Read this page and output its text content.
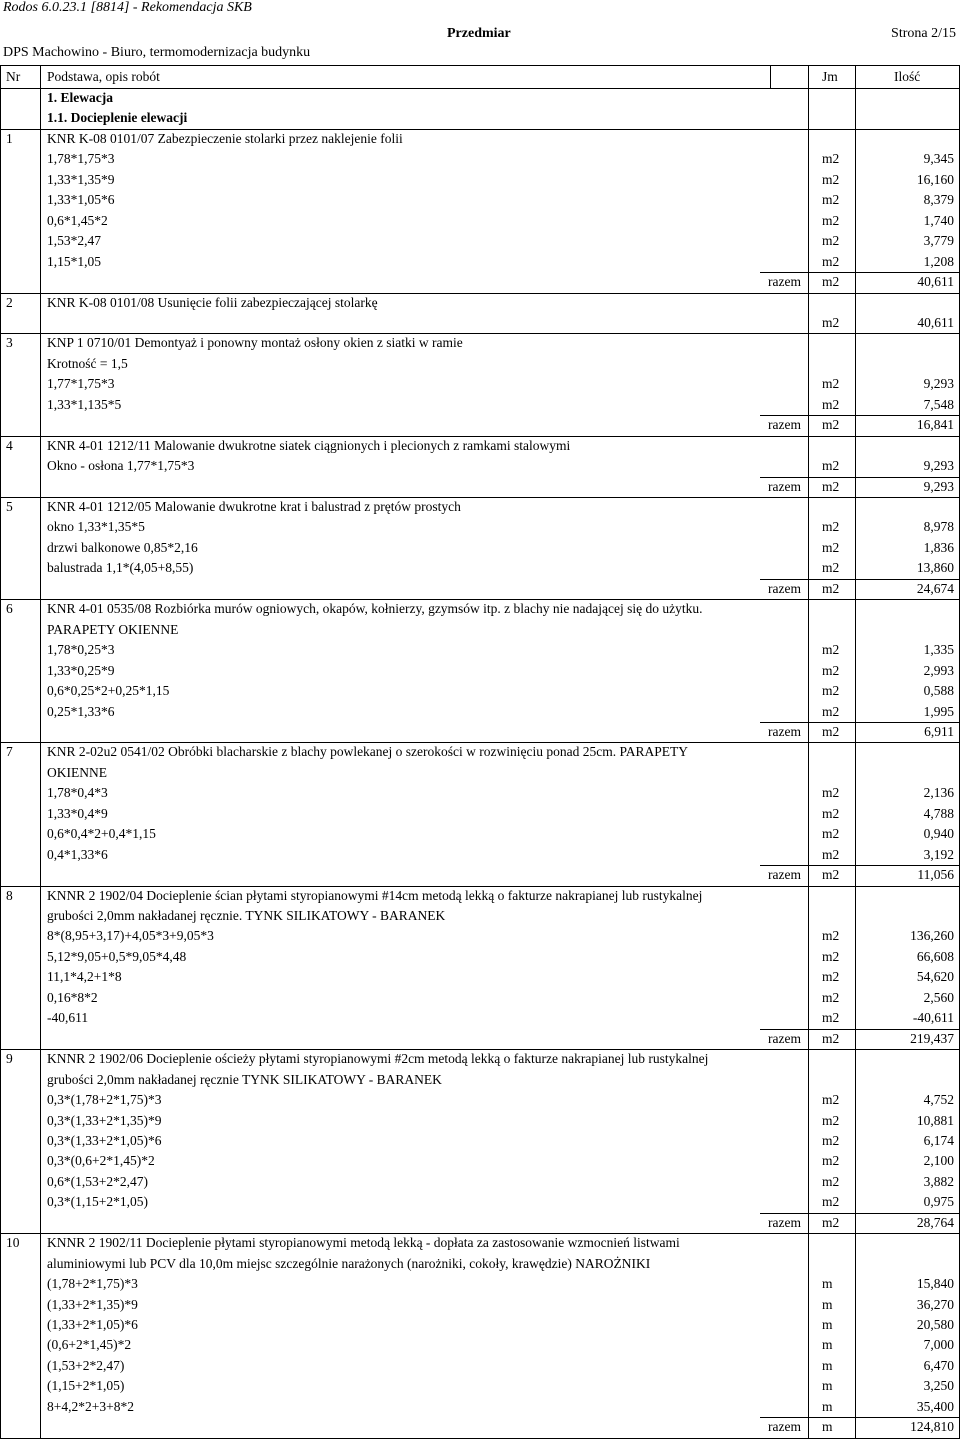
Rodos 6.0.23.1 [8814] - Rekomendacja SKB
Przedmiar	Strona 2/15
DPS Machowino - Biuro, termomodernizacja budynku
Nr Podstawa, opis robót	Jm	Ilość
1. Elewacja
1.1. Docieplenie elewacji
1	KNR K-08 0101/07 Zabezpieczenie stolarki przez naklejenie folii
1,78*1,75*3	m2	9,345
1,33*1,35*9	m2	16,160
1,33*1,05*6	m2	8,379
0,6*1,45*2	m2	1,740
1,53*2,47	m2	3,779
1,15*1,05	m2	1,208
razem m2	40,611
2	KNR K-08 0101/08 Usunięcie folii zabezpieczającej stolarkę
m2	40,611
3	KNP 1 0710/01 Demontyaż i ponowny montaż osłony okien z siatki w ramie
Krotność = 1,5
1,77*1,75*3	m2	9,293
1,33*1,135*5	m2	7,548
razem m2	16,841
4	KNR 4-01 1212/11 Malowanie dwukrotne siatek ciągnionych i plecionych z ramkami stalowymi
Okno - osłona 1,77*1,75*3	m2	9,293
razem m2	9,293
5	KNR 4-01 1212/05 Malowanie dwukrotne krat i balustrad z prętów prostych
okno 1,33*1,35*5	m2	8,978
drzwi balkonowe 0,85*2,16	m2	1,836
balustrada 1,1*(4,05+8,55)	m2	13,860
razem m2	24,674
6	KNR 4-01 0535/08 Rozbiórka murów ogniowych, okapów, kołnierzy, gzymsów itp. z blachy nie nadającej się do użytku.
PARAPETY OKIENNE
1,78*0,25*3	m2	1,335
1,33*0,25*9	m2	2,993
0,6*0,25*2+0,25*1,15	m2	0,588
0,25*1,33*6	m2	1,995
razem m2	6,911
7	KNR 2-02u2 0541/02 Obróbki blacharskie z blachy powlekanej o szerokości w rozwinięciu ponad 25cm. PARAPETY
OKIENNE
1,78*0,4*3	m2	2,136
1,33*0,4*9	m2	4,788
0,6*0,4*2+0,4*1,15	m2	0,940
0,4*1,33*6	m2	3,192
razem m2	11,056
8	KNNR 2 1902/04 Docieplenie ścian płytami styropianowymi #14cm metodą lekką o fakturze nakrapianej lub rustykalnej
grubości 2,0mm nakładanej ręcznie. TYNK SILIKATOWY - BARANEK
8*(8,95+3,17)+4,05*3+9,05*3	m2	136,260
5,12*9,05+0,5*9,05*4,48	m2	66,608
11,1*4,2+1*8	m2	54,620
0,16*8*2	m2	2,560
-40,611	m2	-40,611
razem m2	219,437
9	KNNR 2 1902/06 Docieplenie ościeży płytami styropianowymi #2cm metodą lekką o fakturze nakrapianej lub rustykalnej
grubości 2,0mm nakładanej ręcznie TYNK SILIKATOWY - BARANEK
0,3*(1,78+2*1,75)*3	m2	4,752
0,3*(1,33+2*1,35)*9	m2	10,881
0,3*(1,33+2*1,05)*6	m2	6,174
0,3*(0,6+2*1,45)*2	m2	2,100
0,6*(1,53+2*2,47)	m2	3,882
0,3*(1,15+2*1,05)	m2	0,975
razem m2	28,764
10 KNNR 2 1902/11 Docieplenie płytami styropianowymi metodą lekką - dopłata za zastosowanie wzmocnień listwami
aluminiowymi lub PCV dla 10,0m miejsc szczególnie narażonych (narożniki, cokoły, krawędzie) NAROŻNIKI
(1,78+2*1,75)*3	m	15,840
(1,33+2*1,35)*9	m	36,270
(1,33+2*1,05)*6	m	20,580
(0,6+2*1,45)*2	m	7,000
(1,53+2*2,47)	m	6,470
(1,15+2*1,05)	m	3,250
8+4,2*2+3+8*2	m	35,400
razem m	124,810
